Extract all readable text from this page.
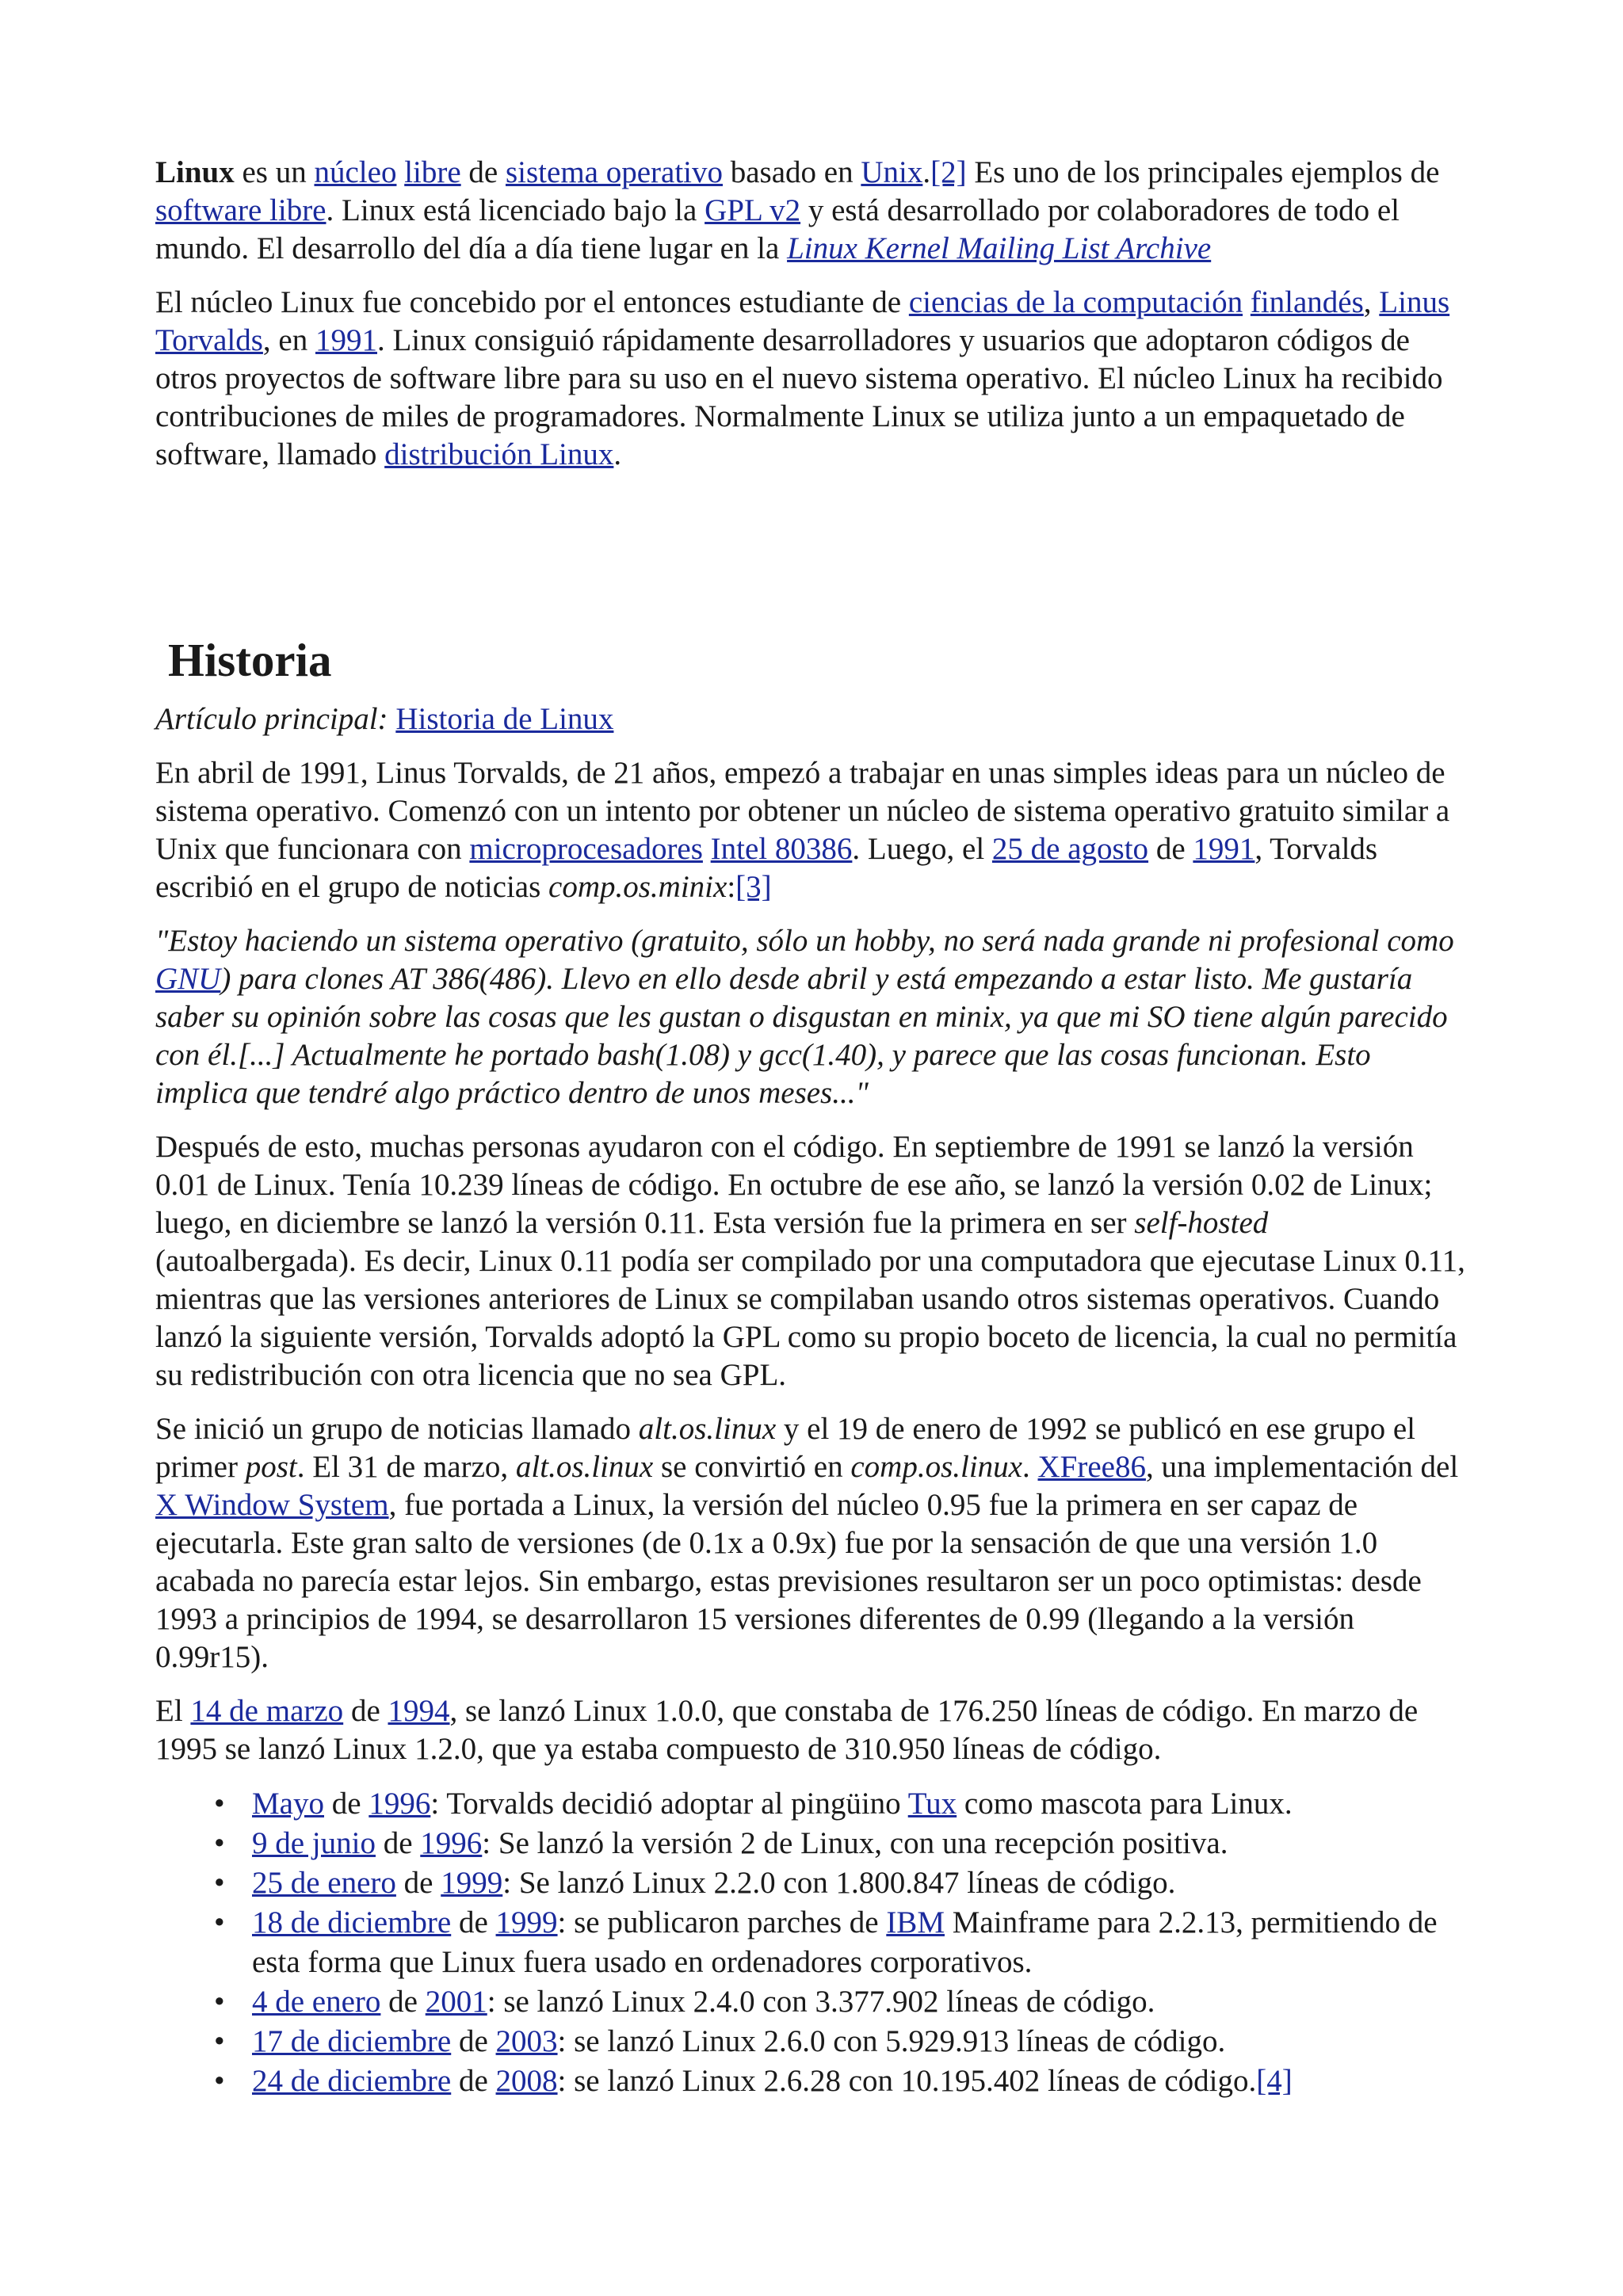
Linux es un núcleo libre de sistema operativo basado en Unix.[2] Es uno de los principales ejemplos de software libre. Linux está licenciado bajo la GPL v2 y está desarrollado por colaboradores de todo el mundo. El desarrollo del día a día tiene lugar en la Linux Kernel Mailing List Archive

El núcleo Linux fue concebido por el entonces estudiante de ciencias de la computación finlandés, Linus Torvalds, en 1991. Linux consiguió rápidamente desarrolladores y usuarios que adoptaron códigos de otros proyectos de software libre para su uso en el nuevo sistema operativo. El núcleo Linux ha recibido contribuciones de miles de programadores. Normalmente Linux se utiliza junto a un empaquetado de software, llamado distribución Linux.

Historia

Artículo principal: Historia de Linux

En abril de 1991, Linus Torvalds, de 21 años, empezó a trabajar en unas simples ideas para un núcleo de sistema operativo. Comenzó con un intento por obtener un núcleo de sistema operativo gratuito similar a Unix que funcionara con microprocesadores Intel 80386. Luego, el 25 de agosto de 1991, Torvalds escribió en el grupo de noticias comp.os.minix:[3]

"Estoy haciendo un sistema operativo (gratuito, sólo un hobby, no será nada grande ni profesional como GNU) para clones AT 386(486). Llevo en ello desde abril y está empezando a estar listo. Me gustaría saber su opinión sobre las cosas que les gustan o disgustan en minix, ya que mi SO tiene algún parecido con él.[...] Actualmente he portado bash(1.08) y gcc(1.40), y parece que las cosas funcionan. Esto implica que tendré algo práctico dentro de unos meses..."

Después de esto, muchas personas ayudaron con el código. En septiembre de 1991 se lanzó la versión 0.01 de Linux. Tenía 10.239 líneas de código. En octubre de ese año, se lanzó la versión 0.02 de Linux; luego, en diciembre se lanzó la versión 0.11. Esta versión fue la primera en ser self-hosted (autoalbergada). Es decir, Linux 0.11 podía ser compilado por una computadora que ejecutase Linux 0.11, mientras que las versiones anteriores de Linux se compilaban usando otros sistemas operativos. Cuando lanzó la siguiente versión, Torvalds adoptó la GPL como su propio boceto de licencia, la cual no permitía su redistribución con otra licencia que no sea GPL.

Se inició un grupo de noticias llamado alt.os.linux y el 19 de enero de 1992 se publicó en ese grupo el primer post. El 31 de marzo, alt.os.linux se convirtió en comp.os.linux. XFree86, una implementación del X Window System, fue portada a Linux, la versión del núcleo 0.95 fue la primera en ser capaz de ejecutarla. Este gran salto de versiones (de 0.1x a 0.9x) fue por la sensación de que una versión 1.0 acabada no parecía estar lejos. Sin embargo, estas previsiones resultaron ser un poco optimistas: desde 1993 a principios de 1994, se desarrollaron 15 versiones diferentes de 0.99 (llegando a la versión 0.99r15).

El 14 de marzo de 1994, se lanzó Linux 1.0.0, que constaba de 176.250 líneas de código. En marzo de 1995 se lanzó Linux 1.2.0, que ya estaba compuesto de 310.950 líneas de código.

• Mayo de 1996: Torvalds decidió adoptar al pingüino Tux como mascota para Linux.
• 9 de junio de 1996: Se lanzó la versión 2 de Linux, con una recepción positiva.
• 25 de enero de 1999: Se lanzó Linux 2.2.0 con 1.800.847 líneas de código.
• 18 de diciembre de 1999: se publicaron parches de IBM Mainframe para 2.2.13, permitiendo de esta forma que Linux fuera usado en ordenadores corporativos.
• 4 de enero de 2001: se lanzó Linux 2.4.0 con 3.377.902 líneas de código.
• 17 de diciembre de 2003: se lanzó Linux 2.6.0 con 5.929.913 líneas de código.
• 24 de diciembre de 2008: se lanzó Linux 2.6.28 con 10.195.402 líneas de código.[4]
